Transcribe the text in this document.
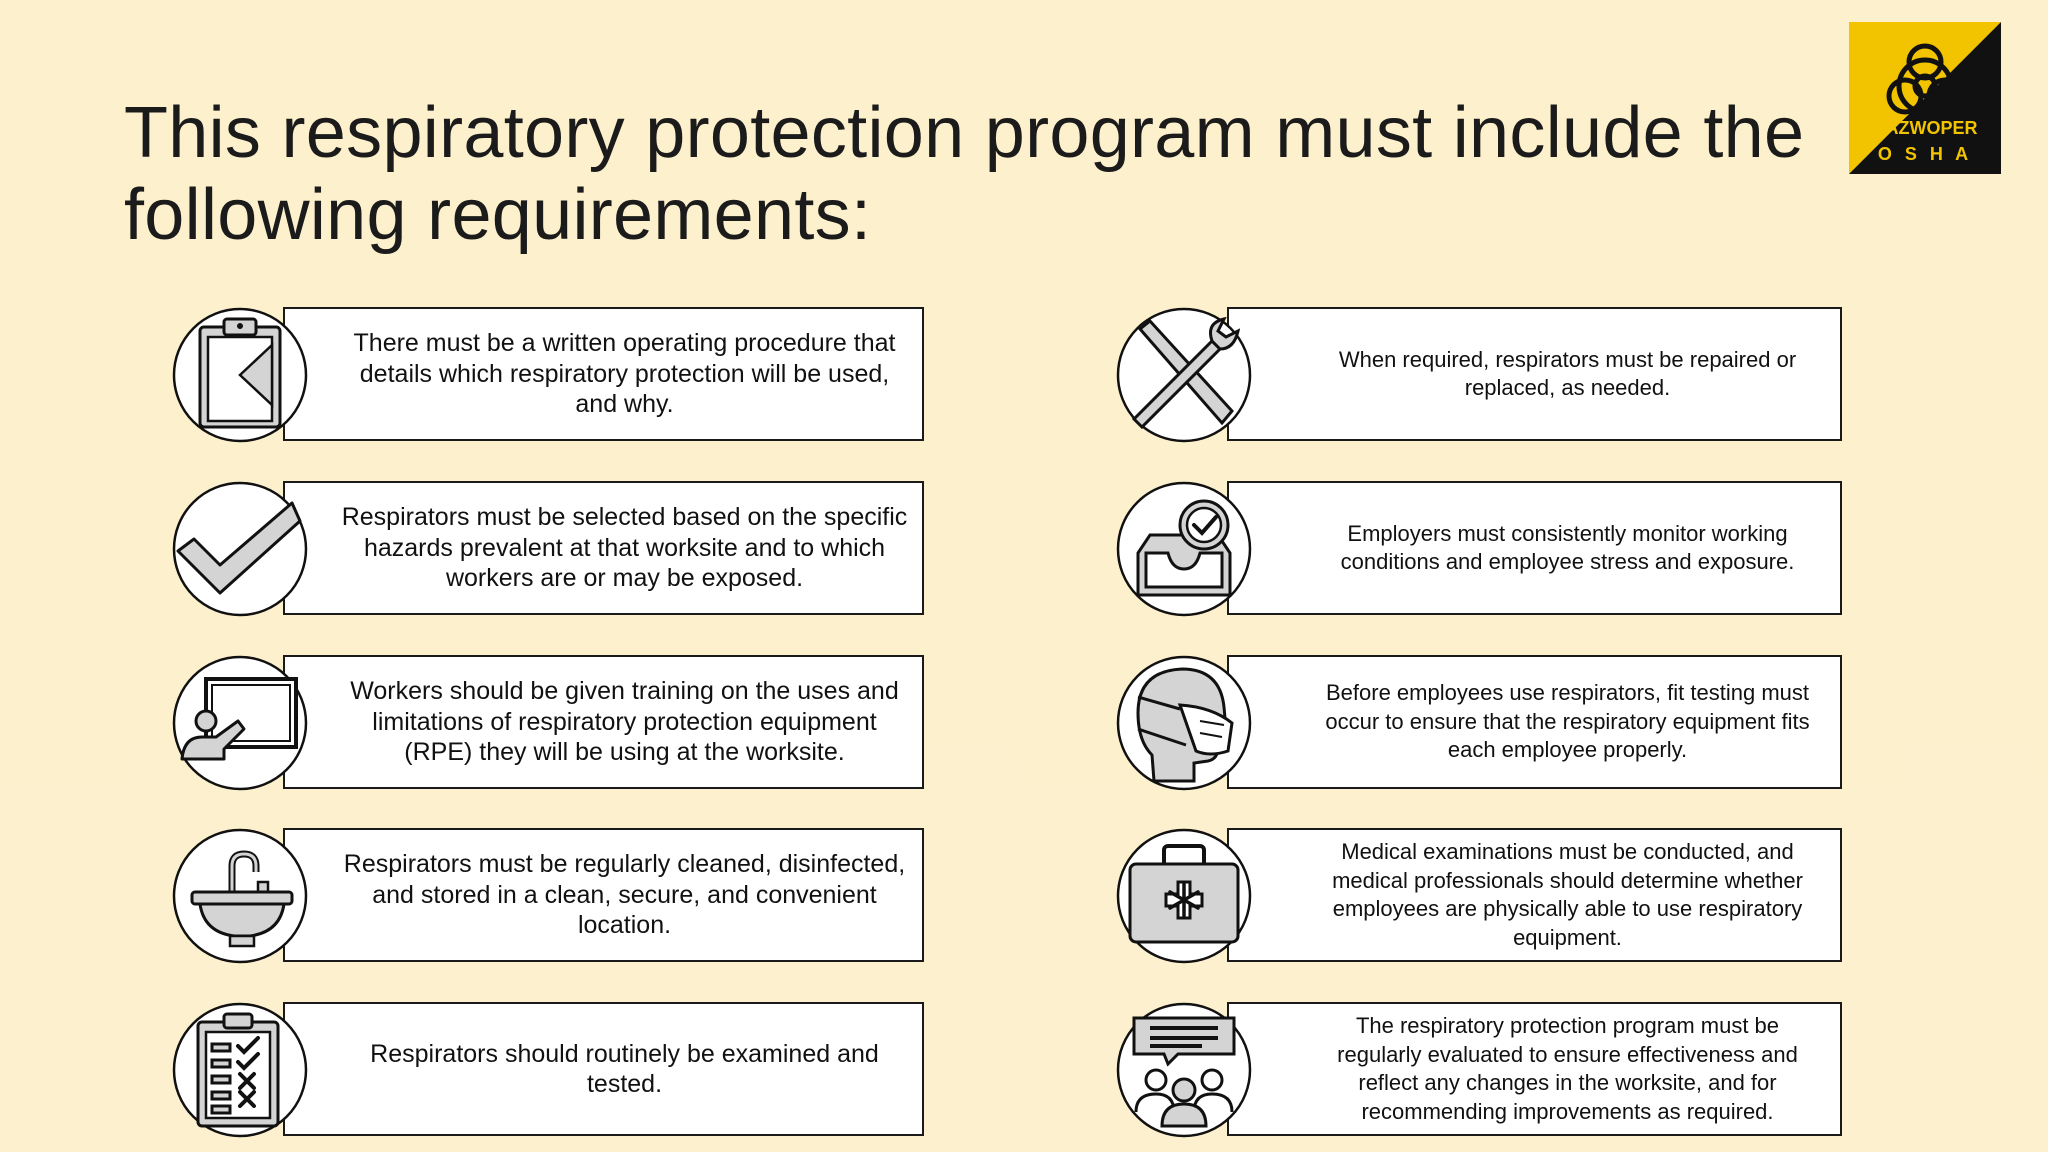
This respiratory protection program must include the following requirements:
HAZWOPER
O S H A
There must be a written operating procedure that details which respiratory protection will be used, and why.
Respirators must be selected based on the specific hazards prevalent at that worksite and to which workers are or may be exposed.
Workers should be given training on the uses and limitations of respiratory protection equipment (RPE) they will be using at the worksite.
Respirators must be regularly cleaned, disinfected, and stored in a clean, secure, and convenient location.
Respirators should routinely be examined and tested.
When required, respirators must be repaired or replaced, as needed.
Employers must consistently monitor working conditions and employee stress and exposure.
Before employees use respirators, fit testing must occur to ensure that the respiratory equipment fits each employee properly.
Medical examinations must be conducted, and medical professionals should determine whether employees are physically able to use respiratory equipment.
The respiratory protection program must be regularly evaluated to ensure effectiveness and reflect any changes in the worksite, and for recommending improvements as required.
